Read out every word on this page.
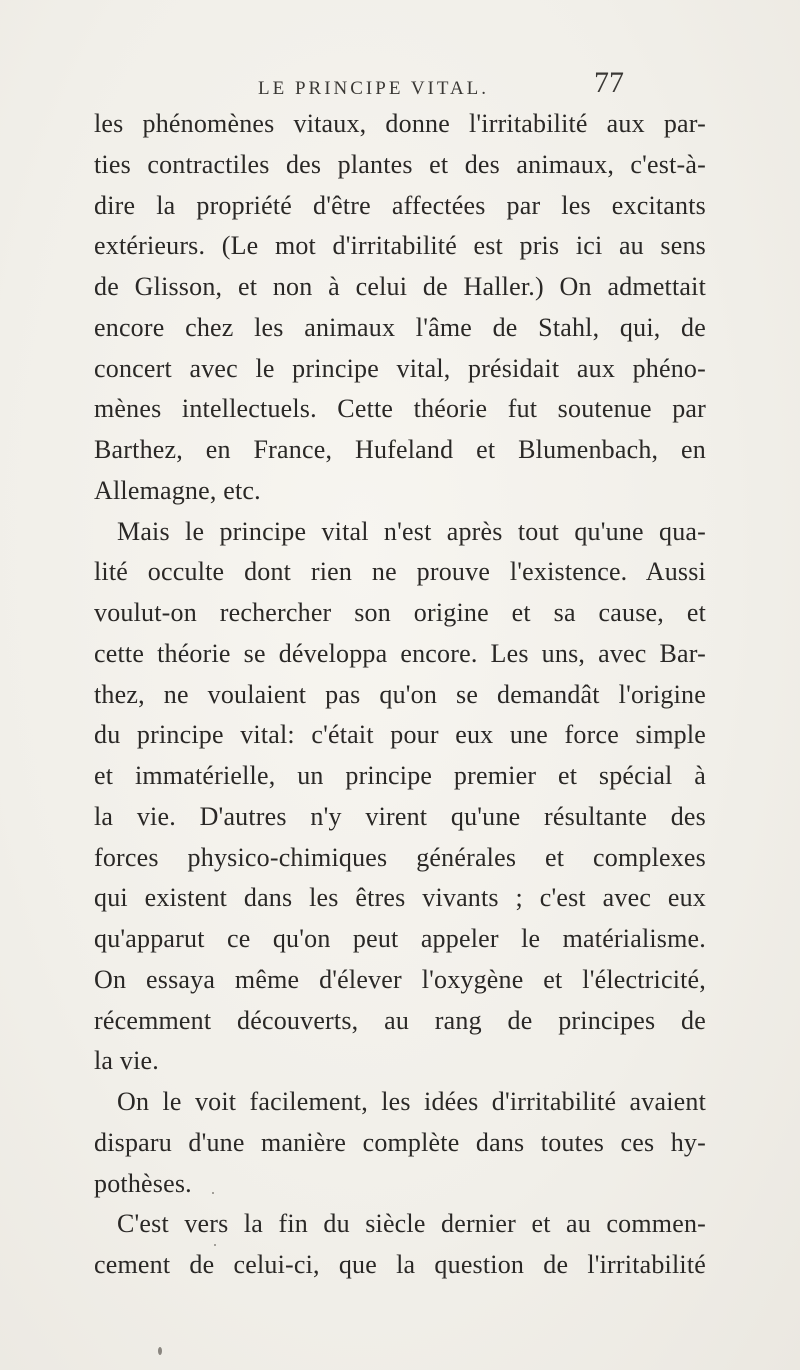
LE PRINCIPE VITAL.	77
les phénomènes vitaux, donne l'irritabilité aux par-
ties contractiles des plantes et des animaux, c'est-à-
dire la propriété d'être affectées par les excitants
extérieurs. (Le mot d'irritabilité est pris ici au sens
de Glisson, et non à celui de Haller.) On admettait
encore chez les animaux l'âme de Stahl, qui, de
concert avec le principe vital, présidait aux phéno-
mènes intellectuels. Cette théorie fut soutenue par
Barthez, en France, Hufeland et Blumenbach, en
Allemagne, etc.
Mais le principe vital n'est après tout qu'une qua-
lité occulte dont rien ne prouve l'existence. Aussi
voulut-on rechercher son origine et sa cause, et
cette théorie se développa encore. Les uns, avec Bar-
thez, ne voulaient pas qu'on se demandât l'origine
du principe vital: c'était pour eux une force simple
et immatérielle, un principe premier et spécial à
la vie. D'autres n'y virent qu'une résultante des
forces physico-chimiques générales et complexes
qui existent dans les êtres vivants ; c'est avec eux
qu'apparut ce qu'on peut appeler le matérialisme.
On essaya même d'élever l'oxygène et l'électricité,
récemment découverts, au rang de principes de
la vie.
On le voit facilement, les idées d'irritabilité avaient
disparu d'une manière complète dans toutes ces hy-
pothèses.
C'est vers la fin du siècle dernier et au commen-
cement de celui-ci, que la question de l'irritabilité
